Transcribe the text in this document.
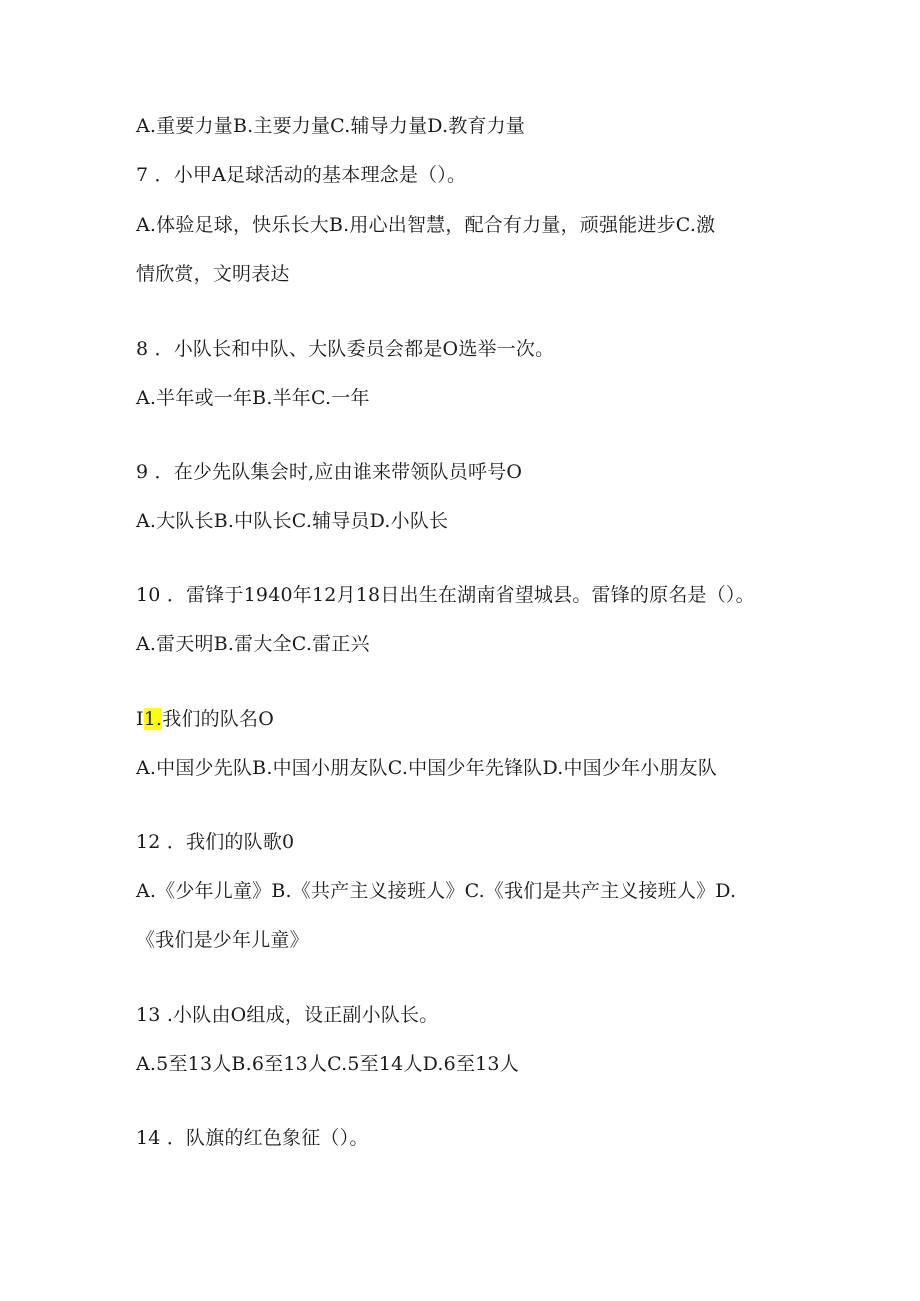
A.重要力量B.主要力量C.辅导力量D.教育力量
7 ．小甲A足球活动的基本理念是（）。
A.体验足球，快乐长大B.用心出智慧，配合有力量，顽强能进步C.激
情欣赏，文明表达
8 ．小队长和中队、大队委员会都是O选举一次。
A.半年或一年B.半年C.一年
9 ．在少先队集会时,应由谁来带领队员呼号O
A.大队长B.中队长C.辅导员D.小队长
10 ．雷锋于1940年12月18日出生在湖南省望城县。雷锋的原名是（）。
A.雷天明B.雷大全C.雷正兴
I1.我们的队名O
A.中国少先队B.中国小朋友队C.中国少年先锋队D.中国少年小朋友队
12 ．我们的队歌0
A.《少年儿童》B.《共产主义接班人》C.《我们是共产主义接班人》D.
《我们是少年儿童》
13 .小队由O组成，设正副小队长。
A.5至13人B.6至13人C.5至14人D.6至13人
14 ．队旗的红色象征（）。
